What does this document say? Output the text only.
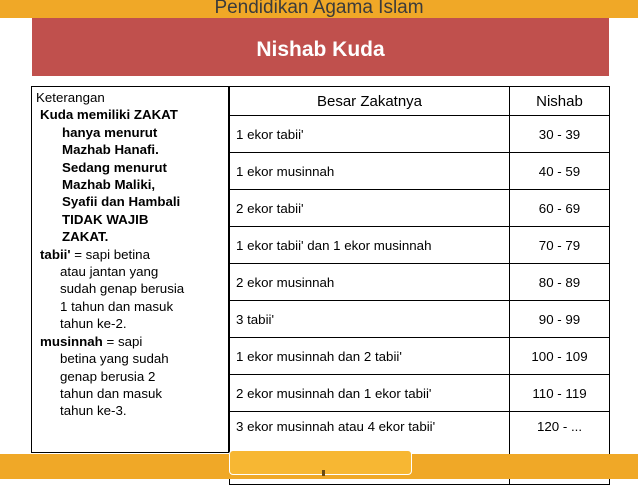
Pendidikan Agama Islam
Nishab Kuda
Keterangan
Kuda memiliki ZAKAT
hanya menurut
Mazhab Hanafi.
Sedang menurut
Mazhab Maliki,
Syafii dan Hambali
TIDAK WAJIB
ZAKAT.
tabii' = sapi betina
atau jantan yang
sudah genap berusia
1 tahun dan masuk
tahun ke-2.
musinnah = sapi
betina yang sudah
genap berusia 2
tahun dan masuk
tahun ke-3.
Besar Zakatnya	Nishab
1 ekor tabii'	30 - 39
1 ekor musinnah	40 - 59
2 ekor tabii'	60 - 69
1 ekor tabii' dan 1 ekor musinnah	70 - 79
2 ekor musinnah	80 - 89
3 tabii'	90 - 99
1 ekor musinnah dan 2 tabii'	100 - 109
2 ekor musinnah dan 1 ekor tabii'	110 - 119
3 ekor musinnah atau 4 ekor tabii'	120 - ...
